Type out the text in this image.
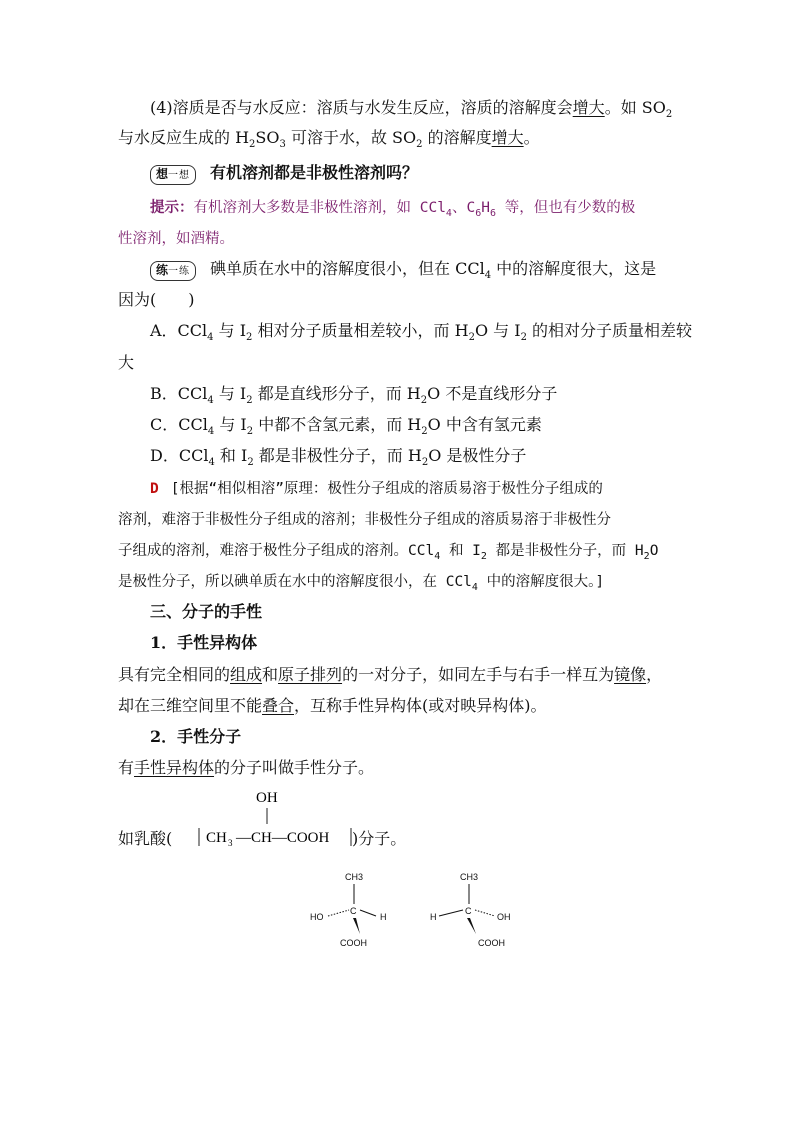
(4)溶质是否与水反应：溶质与水发生反应，溶质的溶解度会增大。如 $SO_2$
与水反应生成的 $H_2SO_3$ 可溶于水，故 $SO_2$ 的溶解度增大。
想一想 有机溶剂都是非极性溶剂吗？
提示：有机溶剂大多数是非极性溶剂，如 CCl$_4$、$C_6H_6$ 等，但也有少数的极
性溶剂，如酒精。
练一练 碘单质在水中的溶解度很小，但在 CCl$_4$ 中的溶解度很大，这是
因为(　　)
A．CCl$_4$ 与 $I_2$ 相对分子质量相差较小，而 $H_2O$ 与 $I_2$ 的相对分子质量相差较
大
B．CCl$_4$ 与 $I_2$ 都是直线形分子，而 $H_2O$ 不是直线形分子
C．CCl$_4$ 与 $I_2$ 中都不含氢元素，而 $H_2O$ 中含有氢元素
D．CCl$_4$ 和 $I_2$ 都是非极性分子，而 $H_2O$ 是极性分子
D [根据“相似相溶”原理：极性分子组成的溶质易溶于极性分子组成的
溶剂，难溶于非极性分子组成的溶剂；非极性分子组成的溶质易溶于非极性分
子组成的溶剂，难溶于极性分子组成的溶剂。CCl$_4$ 和 $I_2$ 都是非极性分子，而 $H_2O$
是极性分子，所以碘单质在水中的溶解度很小，在 CCl$_4$ 中的溶解度很大。]
三、分子的手性
1．手性异构体
具有完全相同的组成和原子排列的一对分子，如同左手与右手一样互为镜像，
却在三维空间里不能叠合，互称手性异构体(或对映异构体)。
2．手性分子
有手性异构体的分子叫做手性分子。
如乳酸(
OH
CH 3 —CH—COOH )分子。
CH3
C
HO	H
COOH
CH3
C
H	OH
COOH
